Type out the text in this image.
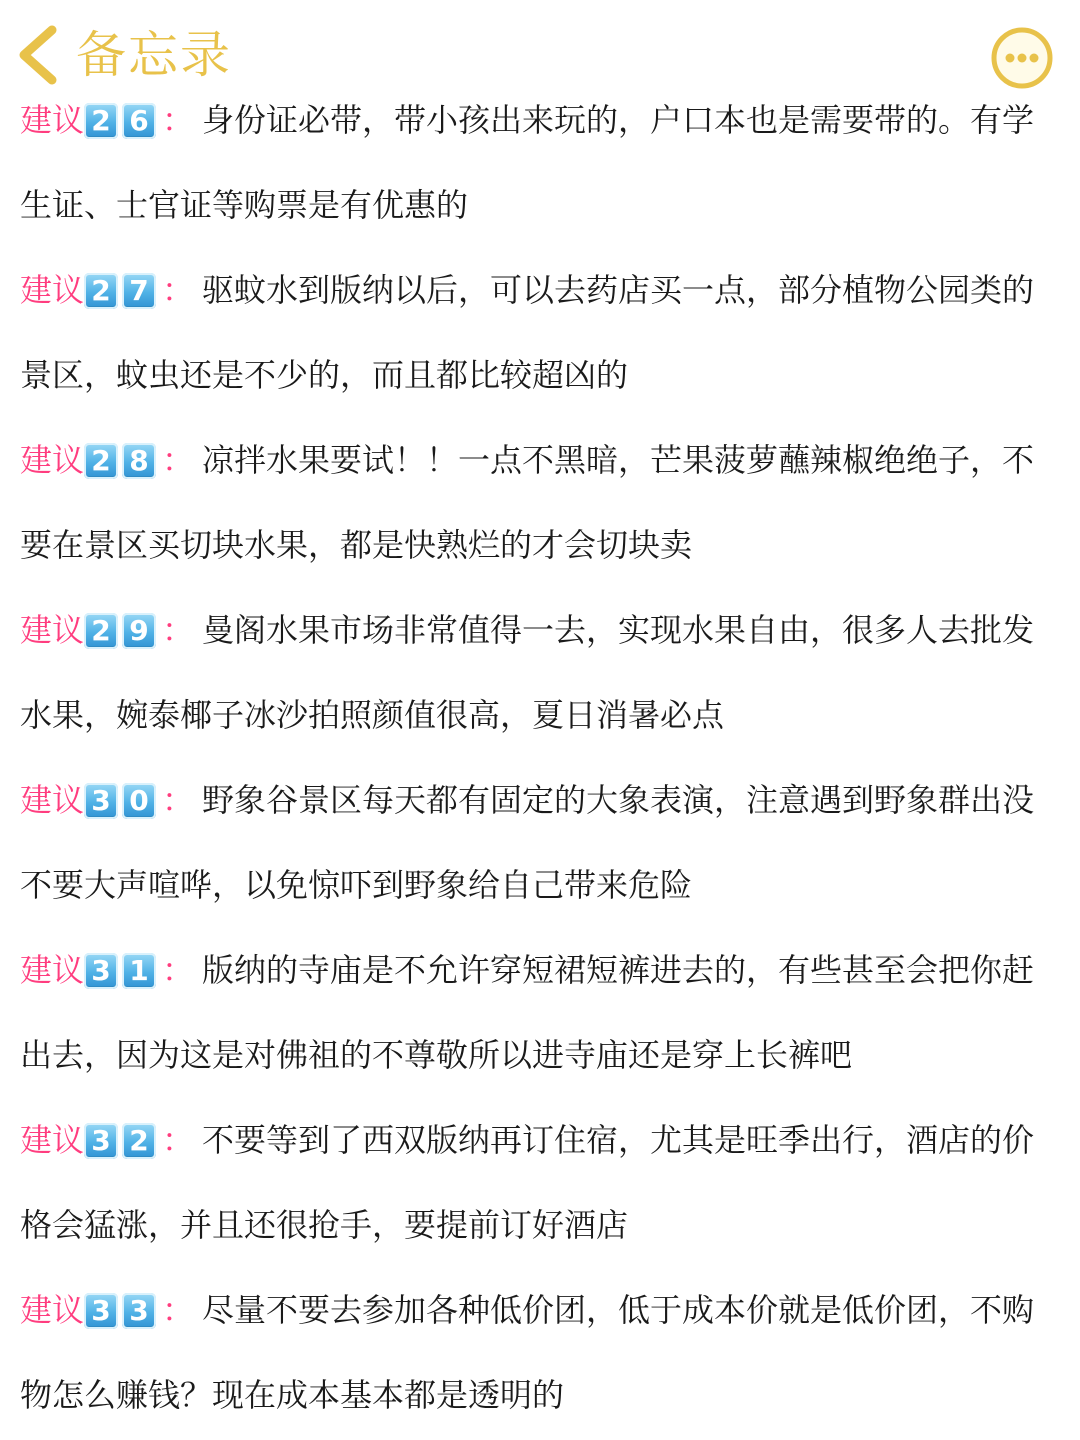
备忘录
建议 2 6 ： 身份证必带，带小孩出来玩的，户口本也是需要带的。有学生证、士官证等购票是有优惠的
建议 2 7 ： 驱蚊水到版纳以后，可以去药店买一点，部分植物公园类的景区，蚊虫还是不少的，而且都比较超凶的
建议 2 8 ： 凉拌水果要试！！一点不黑暗，芒果菠萝蘸辣椒绝绝子，不要在景区买切块水果，都是快熟烂的才会切块卖
建议 2 9 ： 曼阁水果市场非常值得一去，实现水果自由，很多人去批发水果，婉泰椰子冰沙拍照颜值很高，夏日消暑必点
建议 3 0 ： 野象谷景区每天都有固定的大象表演，注意遇到野象群出没不要大声喧哗，以免惊吓到野象给自己带来危险
建议 3 1 ： 版纳的寺庙是不允许穿短裙短裤进去的，有些甚至会把你赶出去，因为这是对佛祖的不尊敬所以进寺庙还是穿上长裤吧
建议 3 2 ： 不要等到了西双版纳再订住宿，尤其是旺季出行，酒店的价格会猛涨，并且还很抢手，要提前订好酒店
建议 3 3 ： 尽量不要去参加各种低价团，低于成本价就是低价团，不购物怎么赚钱？现在成本基本都是透明的
